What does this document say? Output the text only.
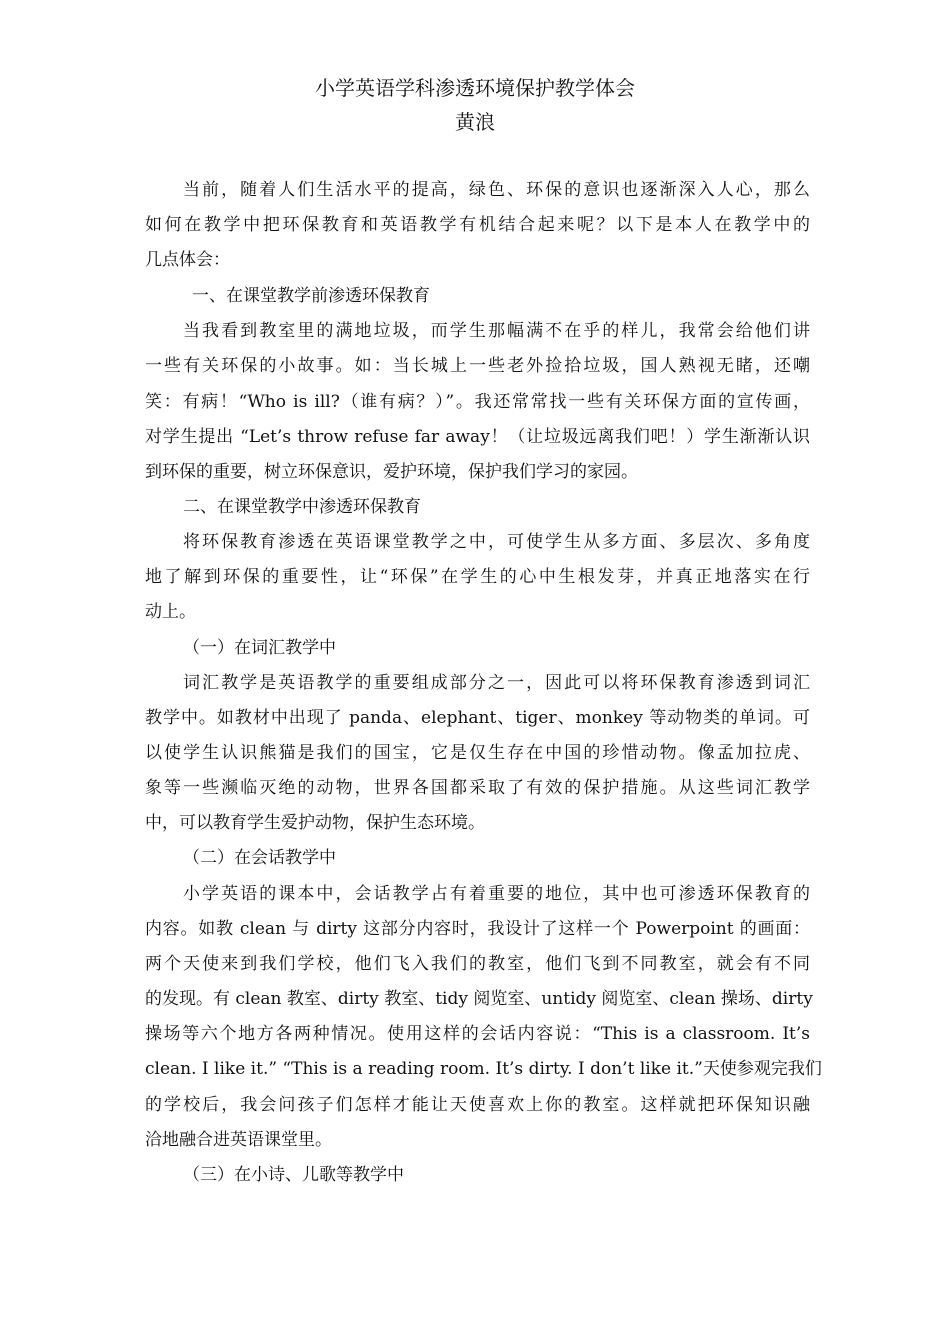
小学英语学科渗透环境保护教学体会
黄浪
当前，随着人们生活水平的提高，绿色、环保的意识也逐渐深入人心，那么
如何在教学中把环保教育和英语教学有机结合起来呢？以下是本人在教学中的
几点体会：
一、在课堂教学前渗透环保教育
当我看到教室里的满地垃圾，而学生那幅满不在乎的样儿，我常会给他们讲
一些有关环保的小故事。如：当长城上一些老外捡拾垃圾，国人熟视无睹，还嘲
笑：有病！“Who is ill?（谁有病？）”。我还常常找一些有关环保方面的宣传画，
对学生提出 “Let’s throw refuse far away！（让垃圾远离我们吧！）学生渐渐认识
到环保的重要，树立环保意识，爱护环境，保护我们学习的家园。
二、在课堂教学中渗透环保教育
将环保教育渗透在英语课堂教学之中，可使学生从多方面、多层次、多角度
地了解到环保的重要性，让“环保”在学生的心中生根发芽，并真正地落实在行
动上。
（一）在词汇教学中
词汇教学是英语教学的重要组成部分之一，因此可以将环保教育渗透到词汇
教学中。如教材中出现了 panda、elephant、tiger、monkey 等动物类的单词。可
以使学生认识熊猫是我们的国宝，它是仅生存在中国的珍惜动物。像孟加拉虎、
象等一些濒临灭绝的动物，世界各国都采取了有效的保护措施。从这些词汇教学
中，可以教育学生爱护动物，保护生态环境。
（二）在会话教学中
小学英语的课本中，会话教学占有着重要的地位，其中也可渗透环保教育的
内容。如教 clean 与 dirty 这部分内容时，我设计了这样一个 Powerpoint 的画面：
两个天使来到我们学校，他们飞入我们的教室，他们飞到不同教室，就会有不同
的发现。有 clean 教室、dirty 教室、tidy 阅览室、untidy 阅览室、clean 操场、dirty
操场等六个地方各两种情况。使用这样的会话内容说：“This is a classroom. It’s
clean. I like it.” “This is a reading room. It’s dirty. I don’t like it.”天使参观完我们
的学校后，我会问孩子们怎样才能让天使喜欢上你的教室。这样就把环保知识融
洽地融合进英语课堂里。
（三）在小诗、儿歌等教学中
